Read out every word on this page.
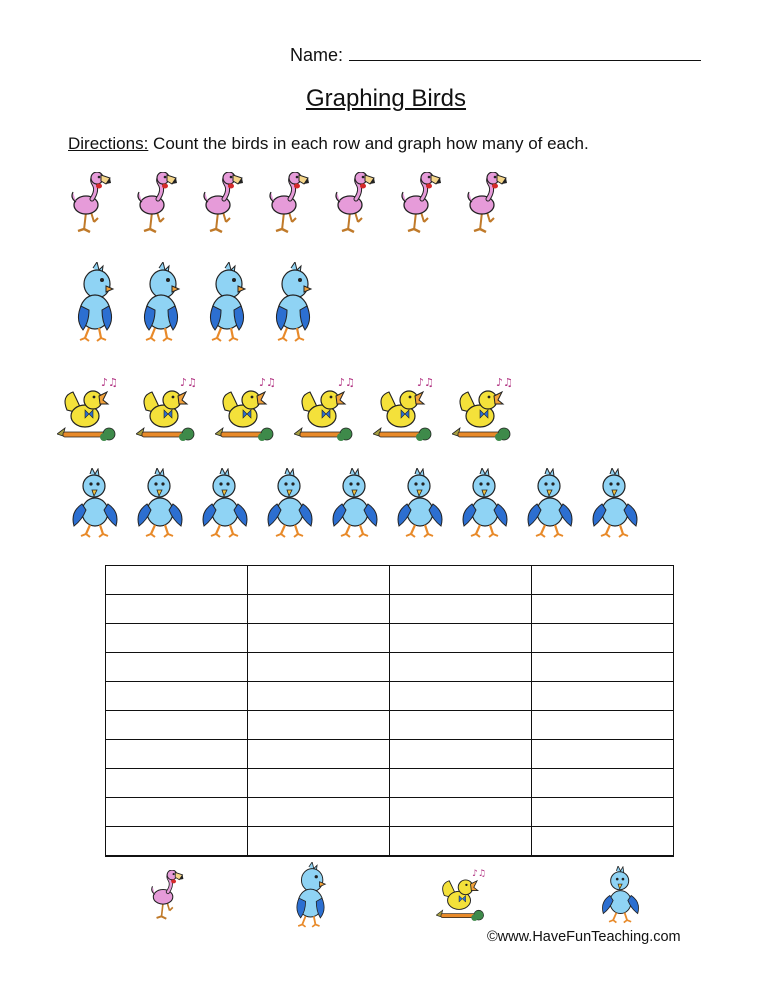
Name:
Graphing Birds
Directions: Count the birds in each row and graph how many of each.

©www.HaveFunTeaching.com
